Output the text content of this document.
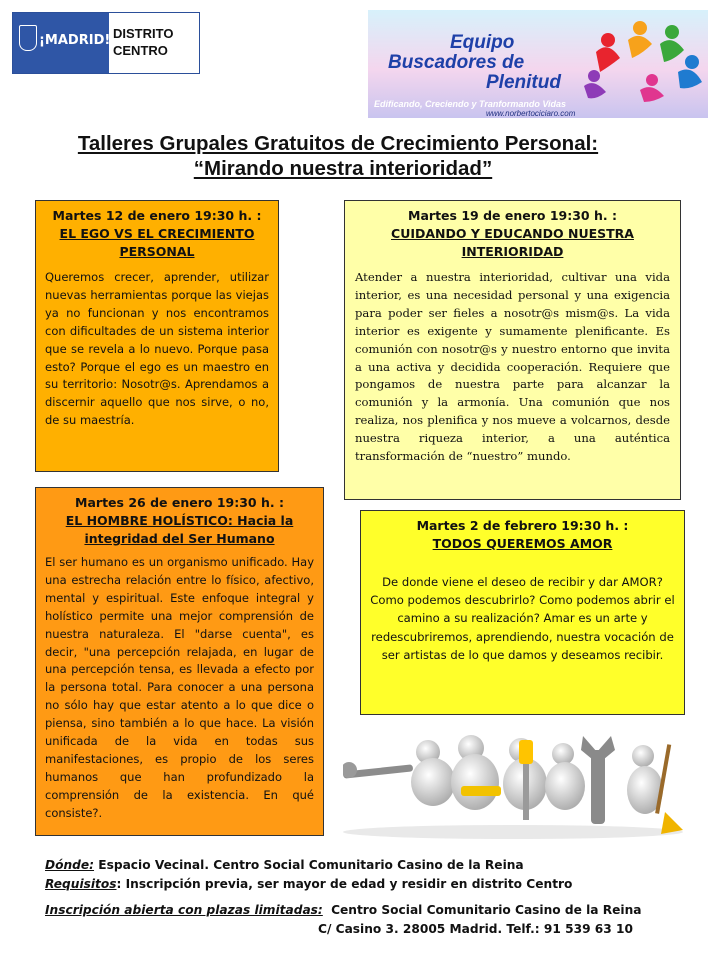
¡MADRID! DISTRITO CENTRO	Equipo
Buscadores de
Plenitud
Edificando, Creciendo y Tranformando Vidas
www.norbertociciaro.com
Talleres Grupales Gratuitos de Crecimiento Personal:
“Mirando nuestra interioridad”
Martes 12 de enero 19:30 h. :
EL EGO VS EL CRECIMIENTO PERSONAL
Queremos crecer, aprender, utilizar nuevas herramientas porque las viejas ya no funcionan y nos encontramos con dificultades de un sistema interior que se revela a lo nuevo. Porque pasa esto? Porque el ego es un maestro en su territorio: Nosotr@s. Aprendamos a discernir aquello que nos sirve, o no, de su maestría.
Martes 19 de enero 19:30 h. :
CUIDANDO Y EDUCANDO NUESTRA INTERIORIDAD
Atender a nuestra interioridad, cultivar una vida interior, es una necesidad personal y una exigencia para poder ser fieles a nosotr@s mism@s. La vida interior es exigente y sumamente plenificante. Es comunión con nosotr@s y nuestro entorno que invita a una activa y decidida cooperación. Requiere que pongamos de nuestra parte para alcanzar la comunión y la armonía. Una comunión que nos realiza, nos plenifica y nos mueve a volcarnos, desde nuestra riqueza interior, a una auténtica transformación de “nuestro” mundo.
Martes 26 de enero 19:30 h. :
EL HOMBRE HOLÍSTICO: Hacia la integridad del Ser Humano
El ser humano es un organismo unificado. Hay una estrecha relación entre lo físico, afectivo, mental y espiritual. Este enfoque integral y holístico permite una mejor comprensión de nuestra naturaleza. El "darse cuenta", es decir, "una percepción relajada, en lugar de una percepción tensa, es llevada a efecto por la persona total. Para conocer a una persona no sólo hay que estar atento a lo que dice o piensa, sino también a lo que hace. La visión unificada de la vida en todas sus manifestaciones, es propio de los seres humanos que han profundizado la comprensión de la existencia. En qué consiste?.
Martes 2 de febrero 19:30 h. :
TODOS QUEREMOS AMOR
De donde viene el deseo de recibir y dar AMOR? Como podemos descubrirlo? Como podemos abrir el camino a su realización? Amar es un arte y redescubriremos, aprendiendo, nuestra vocación de ser artistas de lo que damos y deseamos recibir.
Dónde: Espacio Vecinal. Centro Social Comunitario Casino de la Reina
Requisitos: Inscripción previa, ser mayor de edad y residir en distrito Centro
Inscripción abierta con plazas limitadas: Centro Social Comunitario Casino de la Reina
C/ Casino 3. 28005 Madrid. Telf.: 91 539 63 10
